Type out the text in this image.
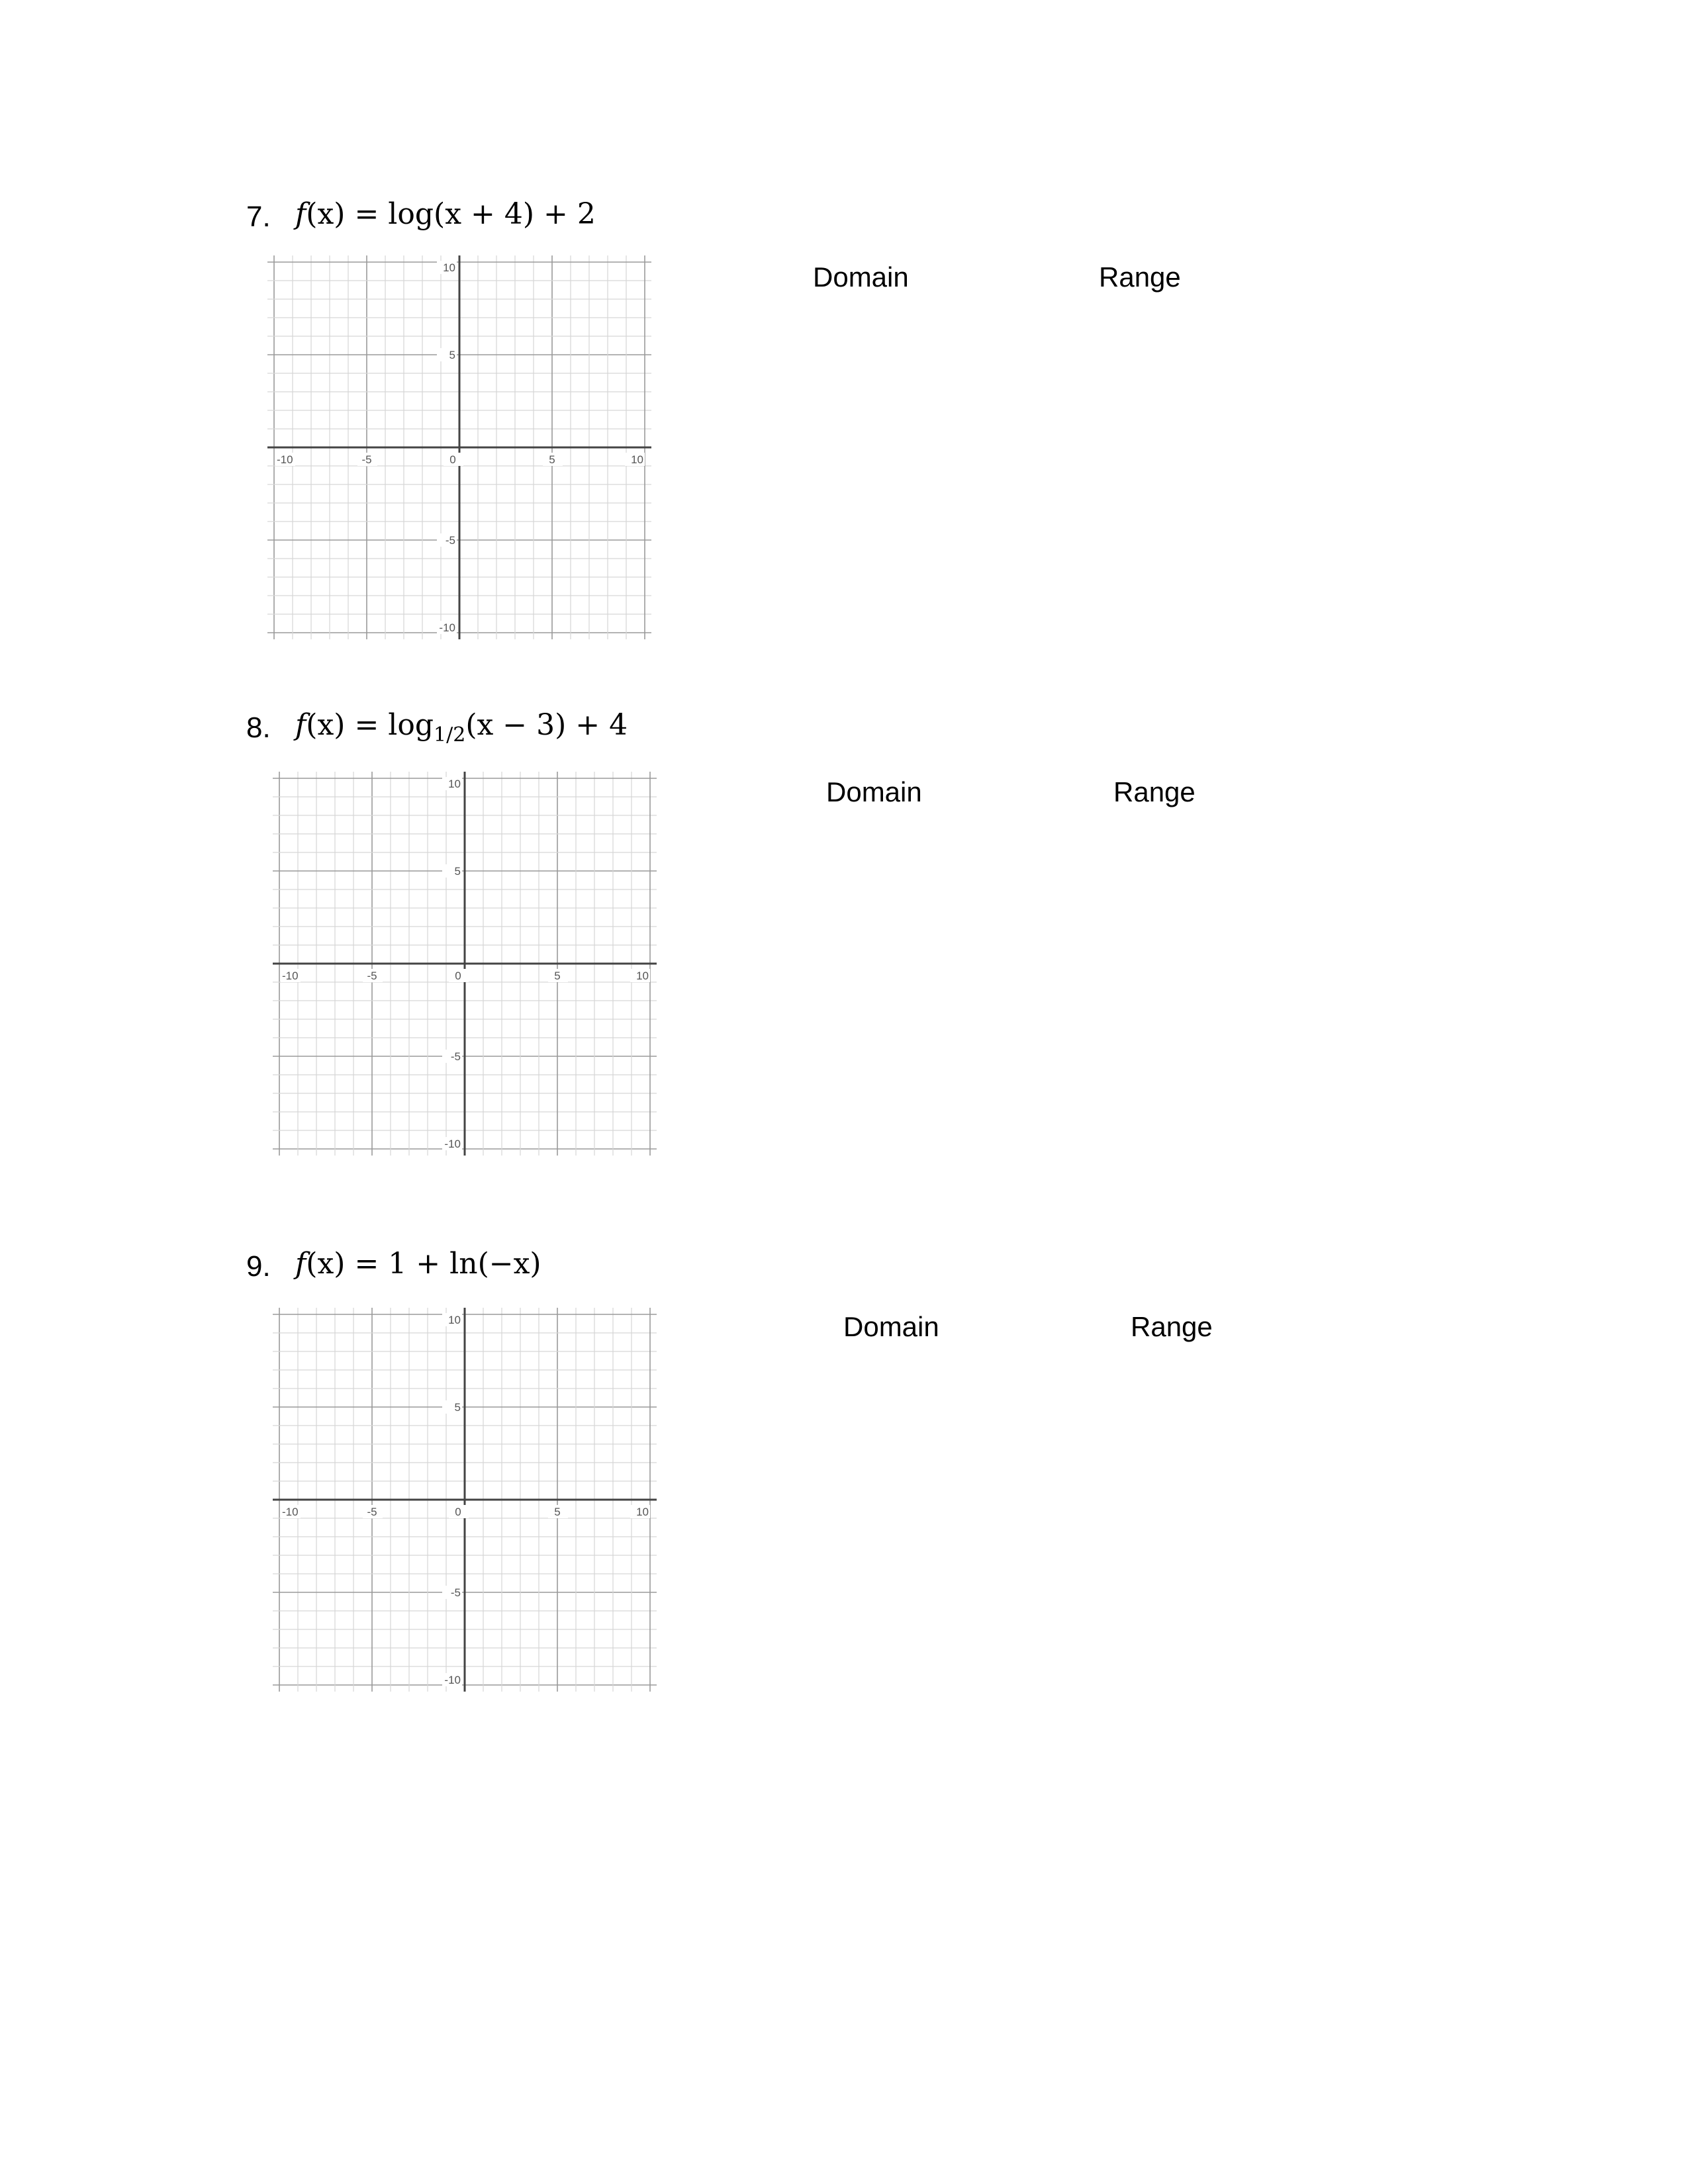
7. f(x) = log(x + 4) + 2
-10	-5	0	5	10
10
5
-5
-10
Domain	Range
8. $f(x) = \log_{1/2}(x - 3) + 4$
-10	-5	0	5	10
10
5
-5
-10
Domain	Range
9. f(x) = 1 + ln(−x)
-10	-5	0	5	10
10
5
-5
-10
Domain	Range
